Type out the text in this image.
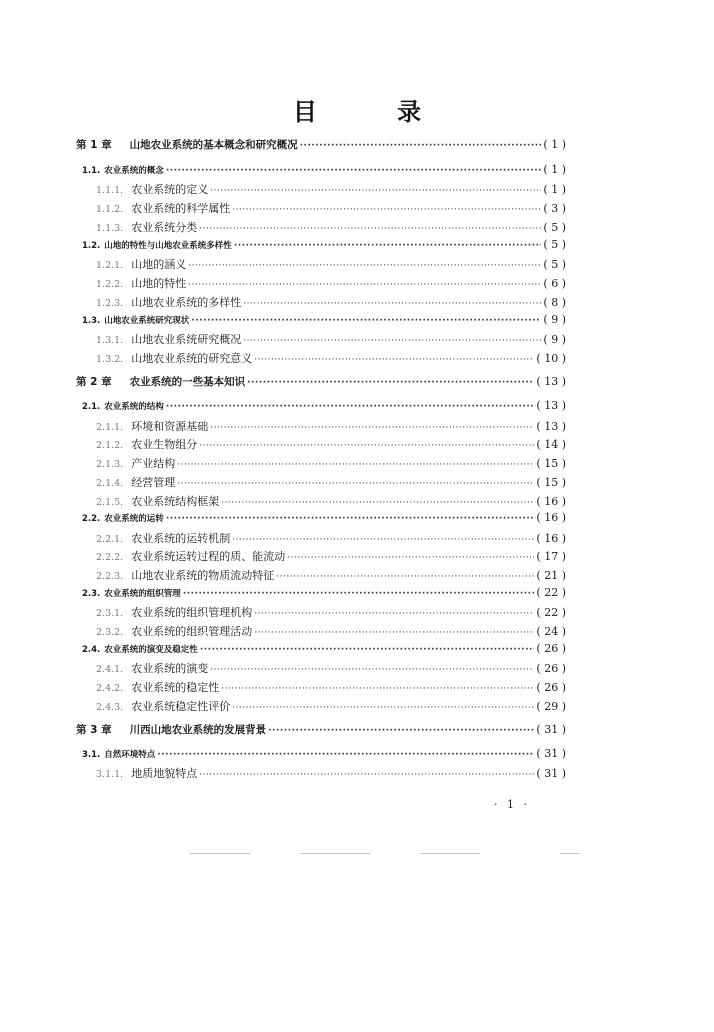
目 录
第 1 章 山地农业系统的基本概念和研究概况 ·····	( 1 )
1.1. 农业系统的概念 ·····	( 1 )
1.1.1. 农业系统的定义 ·····	( 1 )
1.1.2. 农业系统的科学属性 ·····	( 3 )
1.1.3. 农业系统分类 ·····	( 5 )
1.2. 山地的特性与山地农业系统多样性 ·····	( 5 )
1.2.1. 山地的涵义 ·····	( 5 )
1.2.2. 山地的特性 ·····	( 6 )
1.2.3. 山地农业系统的多样性 ·····	( 8 )
1.3. 山地农业系统研究现状 ·····	( 9 )
1.3.1. 山地农业系统研究概况 ·····	( 9 )
1.3.2. 山地农业系统的研究意义 ·····	( 10 )
第 2 章 农业系统的一些基本知识 ·····	( 13 )
2.1. 农业系统的结构 ·····	( 13 )
2.1.1. 环境和资源基础 ·····	( 13 )
2.1.2. 农业生物组分 ·····	( 14 )
2.1.3. 产业结构 ·····	( 15 )
2.1.4. 经营管理 ·····	( 15 )
2.1.5. 农业系统结构框架 ·····	( 16 )
2.2. 农业系统的运转 ·····	( 16 )
2.2.1. 农业系统的运转机制 ·····	( 16 )
2.2.2. 农业系统运转过程的质、能流动 ·····	( 17 )
2.2.3. 山地农业系统的物质流动特征 ·····	( 21 )
2.3. 农业系统的组织管理 ·····	( 22 )
2.3.1. 农业系统的组织管理机构 ·····	( 22 )
2.3.2. 农业系统的组织管理活动 ·····	( 24 )
2.4. 农业系统的演变及稳定性 ·····	( 26 )
2.4.1. 农业系统的演变 ·····	( 26 )
2.4.2. 农业系统的稳定性 ·····	( 26 )
2.4.3. 农业系统稳定性评价 ·····	( 29 )
第 3 章 川西山地农业系统的发展背景 ·····	( 31 )
3.1. 自然环境特点 ·····	( 31 )
3.1.1. 地质地貌特点 ·····	( 31 )
· 1 ·
